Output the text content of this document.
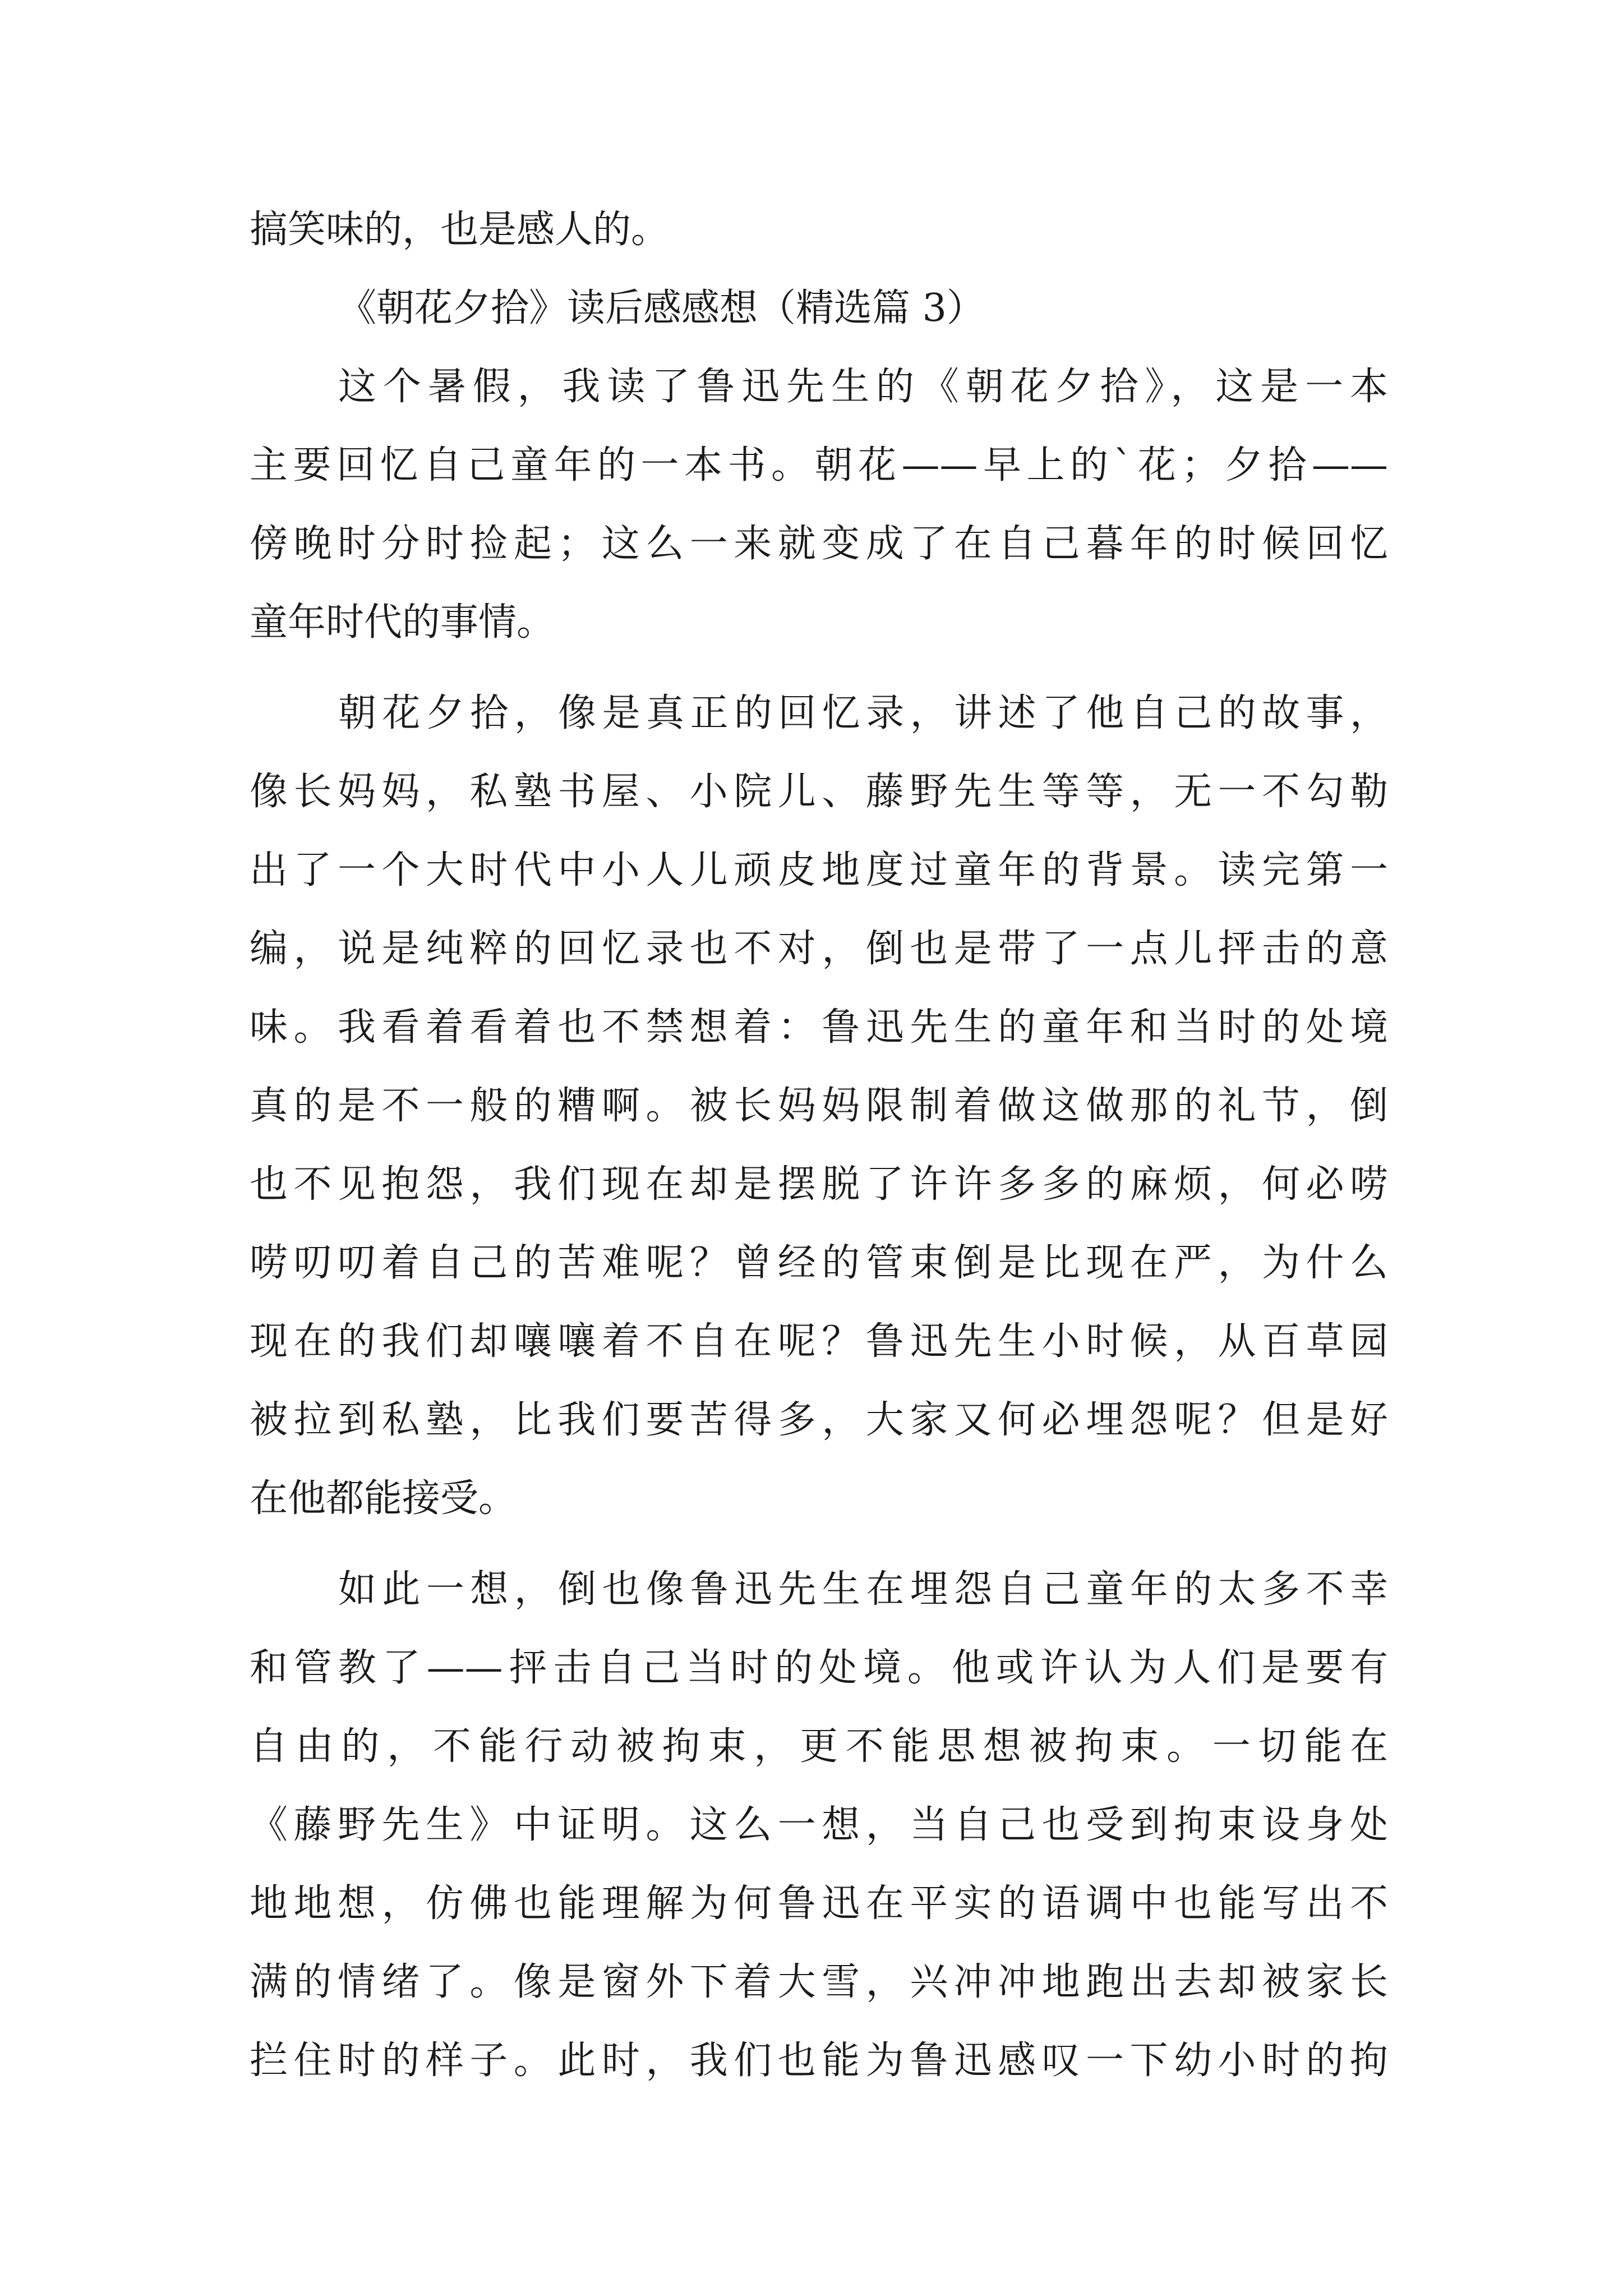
搞笑味的，也是感人的。
《朝花夕拾》读后感感想（精选篇 3）
这个暑假，我读了鲁迅先生的《朝花夕拾》，这是一本
主要回忆自己童年的一本书。朝花——早上的`花；夕拾——
傍晚时分时捡起；这么一来就变成了在自己暮年的时候回忆
童年时代的事情。
朝花夕拾，像是真正的回忆录，讲述了他自己的故事，
像长妈妈，私塾书屋、小院儿、藤野先生等等，无一不勾勒
出了一个大时代中小人儿顽皮地度过童年的背景。读完第一
编，说是纯粹的回忆录也不对，倒也是带了一点儿抨击的意
味。我看着看着也不禁想着：鲁迅先生的童年和当时的处境
真的是不一般的糟啊。被长妈妈限制着做这做那的礼节，倒
也不见抱怨，我们现在却是摆脱了许许多多的麻烦，何必唠
唠叨叨着自己的苦难呢？曾经的管束倒是比现在严，为什么
现在的我们却嚷嚷着不自在呢？鲁迅先生小时候，从百草园
被拉到私塾，比我们要苦得多，大家又何必埋怨呢？但是好
在他都能接受。
如此一想，倒也像鲁迅先生在埋怨自己童年的太多不幸
和管教了——抨击自己当时的处境。他或许认为人们是要有
自由的，不能行动被拘束，更不能思想被拘束。一切能在
《藤野先生》中证明。这么一想，当自己也受到拘束设身处
地地想，仿佛也能理解为何鲁迅在平实的语调中也能写出不
满的情绪了。像是窗外下着大雪，兴冲冲地跑出去却被家长
拦住时的样子。此时，我们也能为鲁迅感叹一下幼小时的拘
